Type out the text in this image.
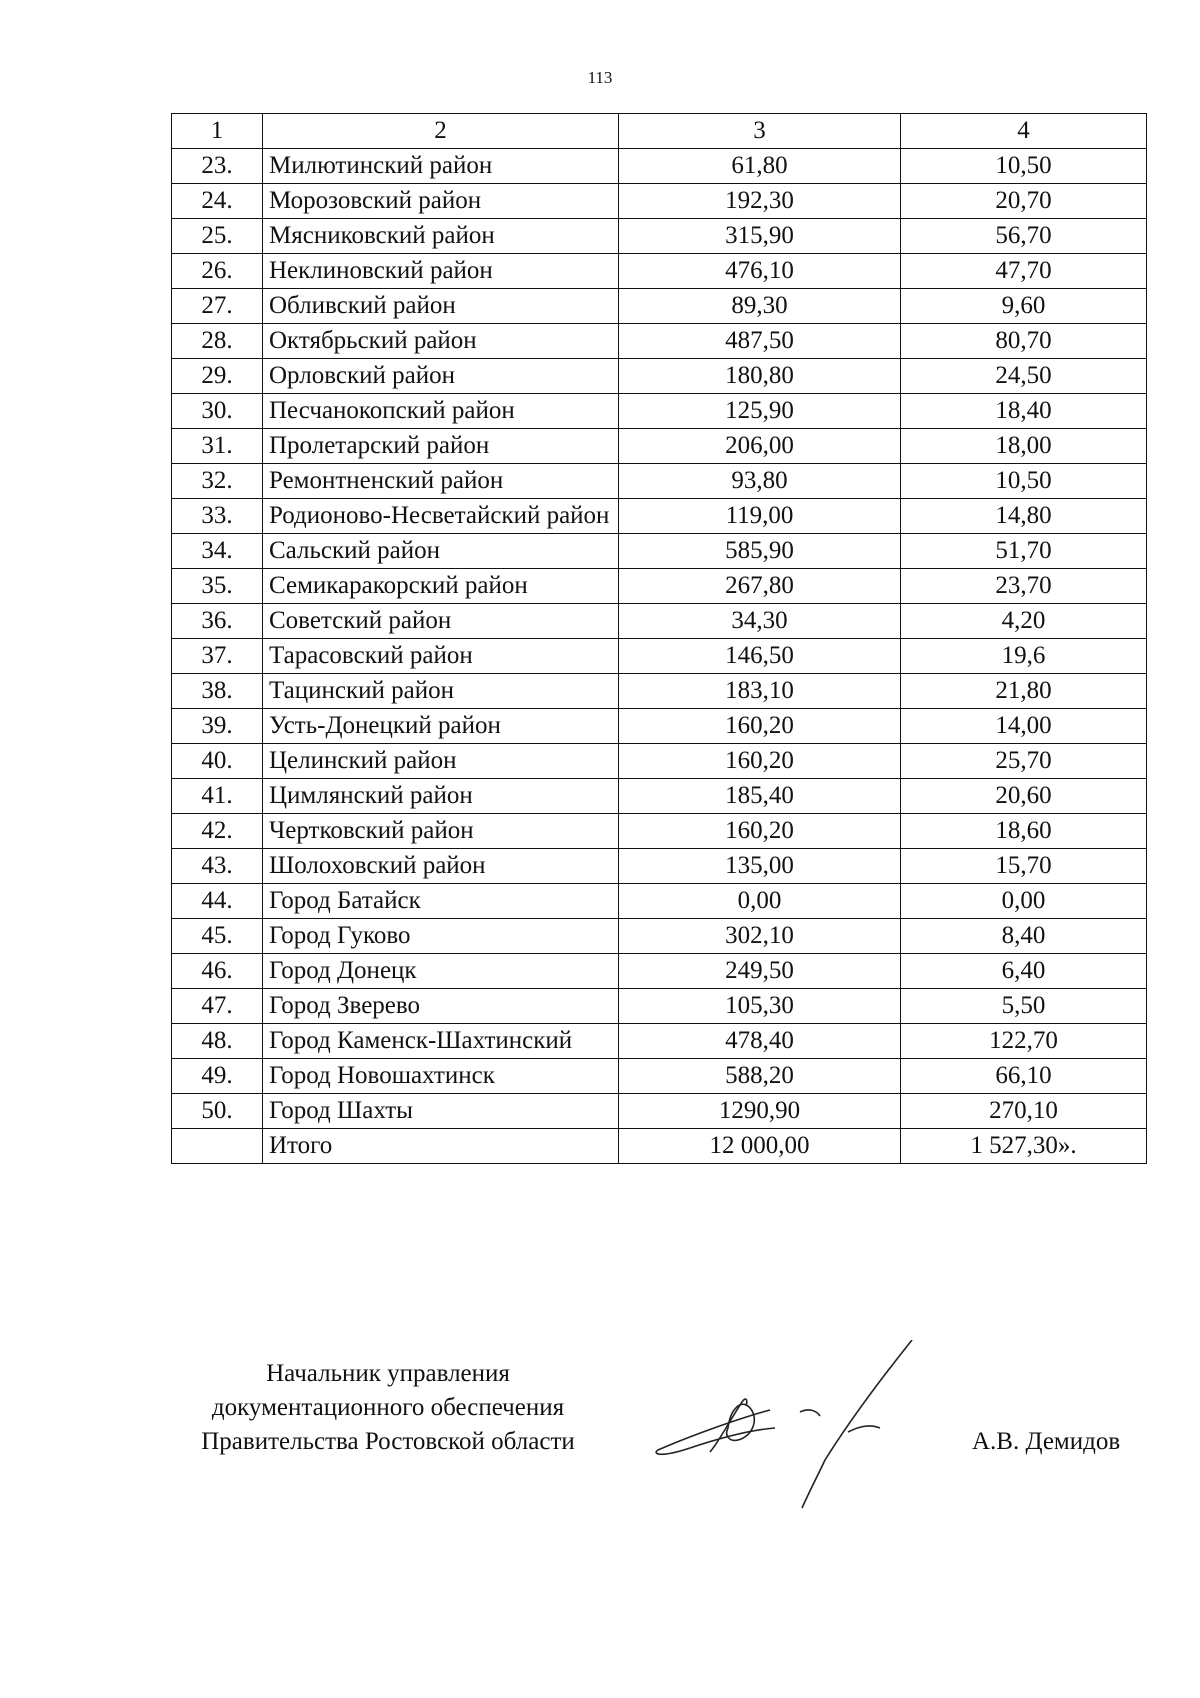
113
1	2	3	4
23.	Милютинский район	61,80	10,50
24.	Морозовский район	192,30	20,70
25.	Мясниковский район	315,90	56,70
26.	Неклиновский район	476,10	47,70
27.	Обливский район	89,30	9,60
28.	Октябрьский район	487,50	80,70
29.	Орловский район	180,80	24,50
30.	Песчанокопский район	125,90	18,40
31.	Пролетарский район	206,00	18,00
32.	Ремонтненский район	93,80	10,50
33.	Родионово-Несветайский район	119,00	14,80
34.	Сальский район	585,90	51,70
35.	Семикаракорский район	267,80	23,70
36.	Советский район	34,30	4,20
37.	Тарасовский район	146,50	19,6
38.	Тацинский район	183,10	21,80
39.	Усть-Донецкий район	160,20	14,00
40.	Целинский район	160,20	25,70
41.	Цимлянский район	185,40	20,60
42.	Чертковский район	160,20	18,60
43.	Шолоховский район	135,00	15,70
44.	Город Батайск	0,00	0,00
45.	Город Гуково	302,10	8,40
46.	Город Донецк	249,50	6,40
47.	Город Зверево	105,30	5,50
48.	Город Каменск-Шахтинский	478,40	122,70
49.	Город Новошахтинск	588,20	66,10
50.	Город Шахты	1290,90	270,10
	Итого	12 000,00	1 527,30».
Начальник управления
документационного обеспечения
Правительства Ростовской области	А.В. Демидов
